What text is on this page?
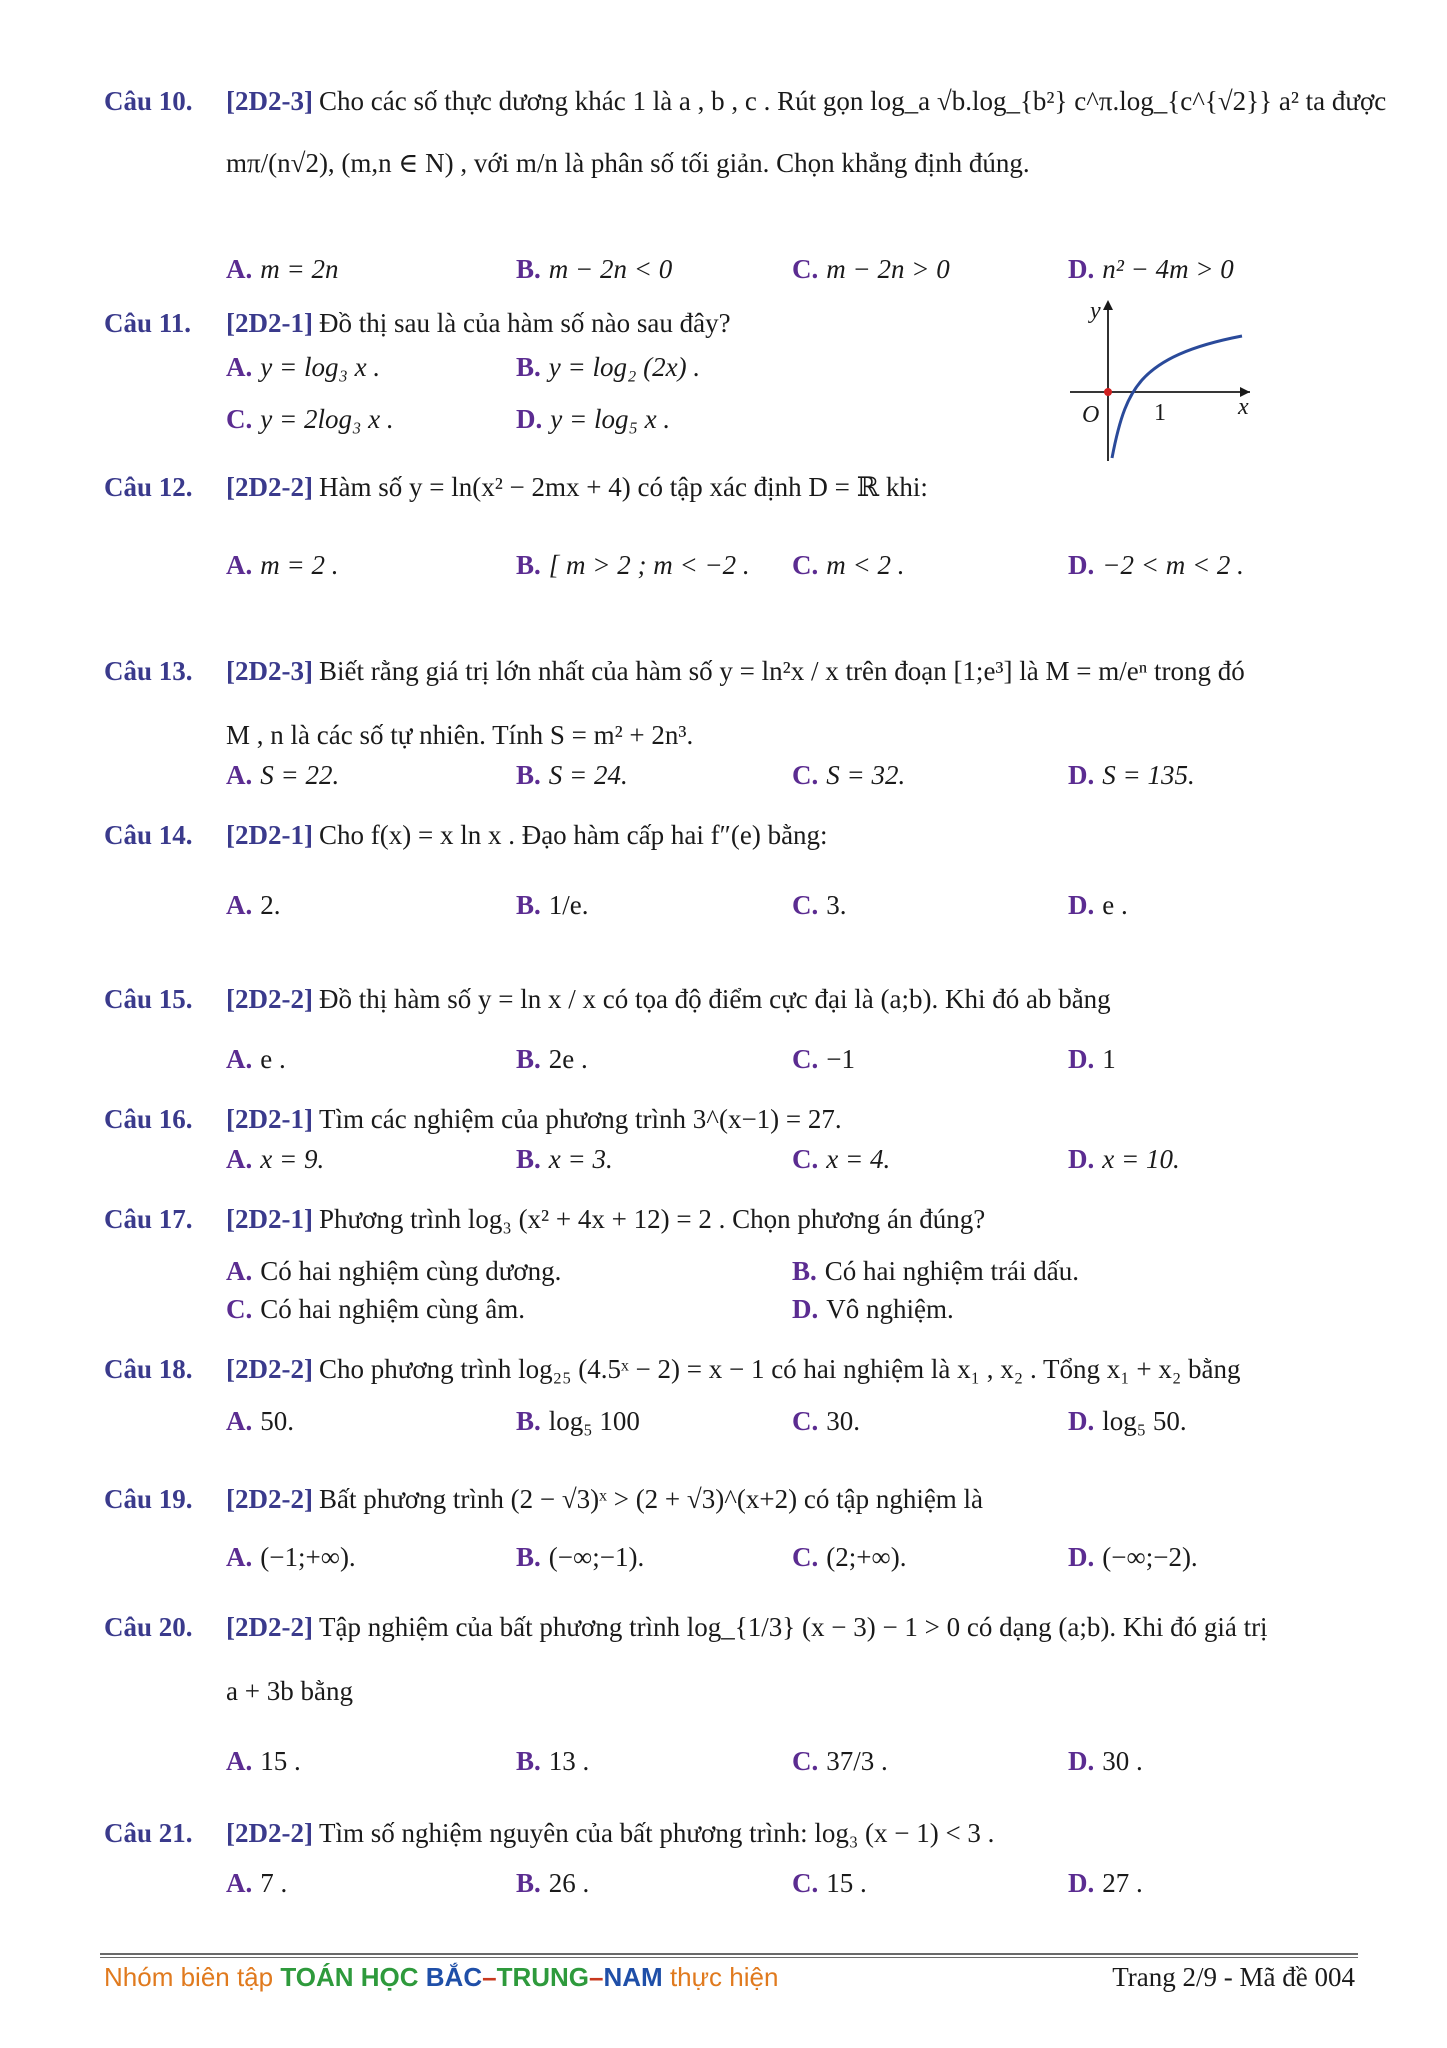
Câu 10. [2D2-3] Cho các số thực dương khác 1 là a , b , c . Rút gọn log_a √b.log_{b²} c^π.log_{c^{√2}} a² ta được
mπ/(n√2), (m,n ∈ N) , với m/n là phân số tối giản. Chọn khẳng định đúng.
A. m = 2n	B. m − 2n < 0	C. m − 2n > 0	D. n² − 4m > 0
Câu 11. [2D2-1] Đồ thị sau là của hàm số nào sau đây?
A. y = log₃ x .	B. y = log₂ (2x) .
C. y = 2log₃ x .	D. y = log₅ x .
y
x
O 1
Câu 12. [2D2-2] Hàm số y = ln(x² − 2mx + 4) có tập xác định D = ℝ khi:
A. m = 2 .	B. [ m > 2 ; m < −2 . C. m < 2 .	D. −2 < m < 2 .
Câu 13. [2D2-3] Biết rằng giá trị lớn nhất của hàm số y = ln²x / x trên đoạn [1;e³] là M = m/eⁿ trong đó
M , n là các số tự nhiên. Tính S = m² + 2n³.
A. S = 22.	B. S = 24.	C. S = 32.	D. S = 135.
Câu 14. [2D2-1] Cho f(x) = x ln x . Đạo hàm cấp hai f″(e) bằng:
A. 2.	B. 1/e.	C. 3.	D. e .
Câu 15. [2D2-2] Đồ thị hàm số y = ln x / x có tọa độ điểm cực đại là (a;b). Khi đó ab bằng
A. e .	B. 2e .	C. −1	D. 1
Câu 16. [2D2-1] Tìm các nghiệm của phương trình 3^(x−1) = 27.
A. x = 9.	B. x = 3.	C. x = 4.	D. x = 10.
Câu 17. [2D2-1] Phương trình log₃ (x² + 4x + 12) = 2 . Chọn phương án đúng?
A. Có hai nghiệm cùng dương.	B. Có hai nghiệm trái dấu.
C. Có hai nghiệm cùng âm.	D. Vô nghiệm.
Câu 18. [2D2-2] Cho phương trình log₂₅ (4.5ˣ − 2) = x − 1 có hai nghiệm là x₁ , x₂ . Tổng x₁ + x₂ bằng
A. 50.	B. log₅ 100	C. 30.	D. log₅ 50.
Câu 19. [2D2-2] Bất phương trình (2 − √3)ˣ > (2 + √3)^(x+2) có tập nghiệm là
A. (−1;+∞).	B. (−∞;−1).	C. (2;+∞).	D. (−∞;−2).
Câu 20. [2D2-2] Tập nghiệm của bất phương trình log_{1/3} (x − 3) − 1 > 0 có dạng (a;b). Khi đó giá trị
a + 3b bằng
A. 15 .	B. 13 .	C. 37/3 .	D. 30 .
Câu 21. [2D2-2] Tìm số nghiệm nguyên của bất phương trình: log₃ (x − 1) < 3 .
A. 7 .	B. 26 .	C. 15 .	D. 27 .
Nhóm biên tập TOÁN HỌC BẮC–TRUNG–NAM thực hiện	Trang 2/9 - Mã đề 004
